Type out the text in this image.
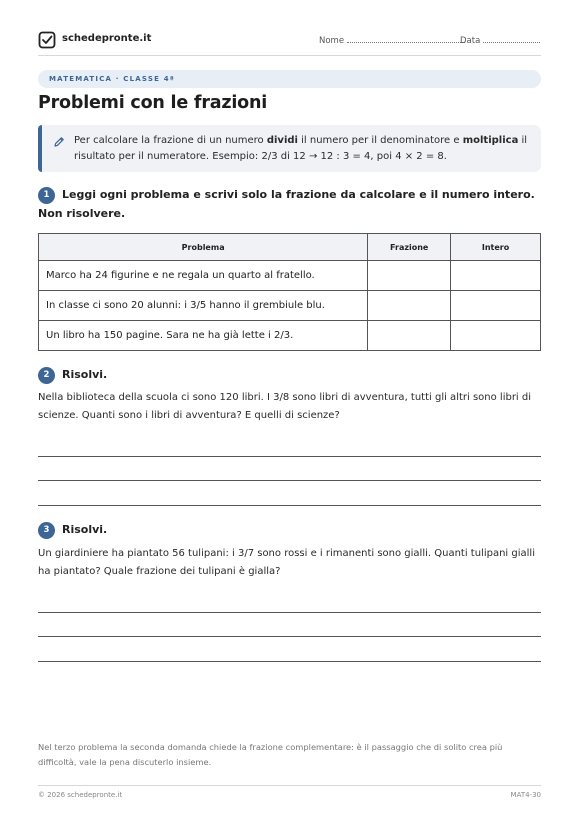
schedepronte.it	Nome	Data
MATEMATICA · CLASSE 4ª
Problemi con le frazioni
Per calcolare la frazione di un numero dividi il numero per il denominatore e moltiplica il risultato per il numeratore. Esempio: 2/3 di 12 → 12 : 3 = 4, poi 4 × 2 = 8.
1 Leggi ogni problema e scrivi solo la frazione da calcolare e il numero intero. Non risolvere.
Problema	Frazione	Intero
Marco ha 24 figurine e ne regala un quarto al fratello.		
In classe ci sono 20 alunni: i 3/5 hanno il grembiule blu.		
Un libro ha 150 pagine. Sara ne ha già lette i 2/3.		
2 Risolvi.
Nella biblioteca della scuola ci sono 120 libri. I 3/8 sono libri di avventura, tutti gli altri sono libri di scienze. Quanti sono i libri di avventura? E quelli di scienze?
3 Risolvi.
Un giardiniere ha piantato 56 tulipani: i 3/7 sono rossi e i rimanenti sono gialli. Quanti tulipani gialli ha piantato? Quale frazione dei tulipani è gialla?
Nel terzo problema la seconda domanda chiede la frazione complementare: è il passaggio che di solito crea più difficoltà, vale la pena discuterlo insieme.
© 2026 schedepronte.it	MAT4-30
